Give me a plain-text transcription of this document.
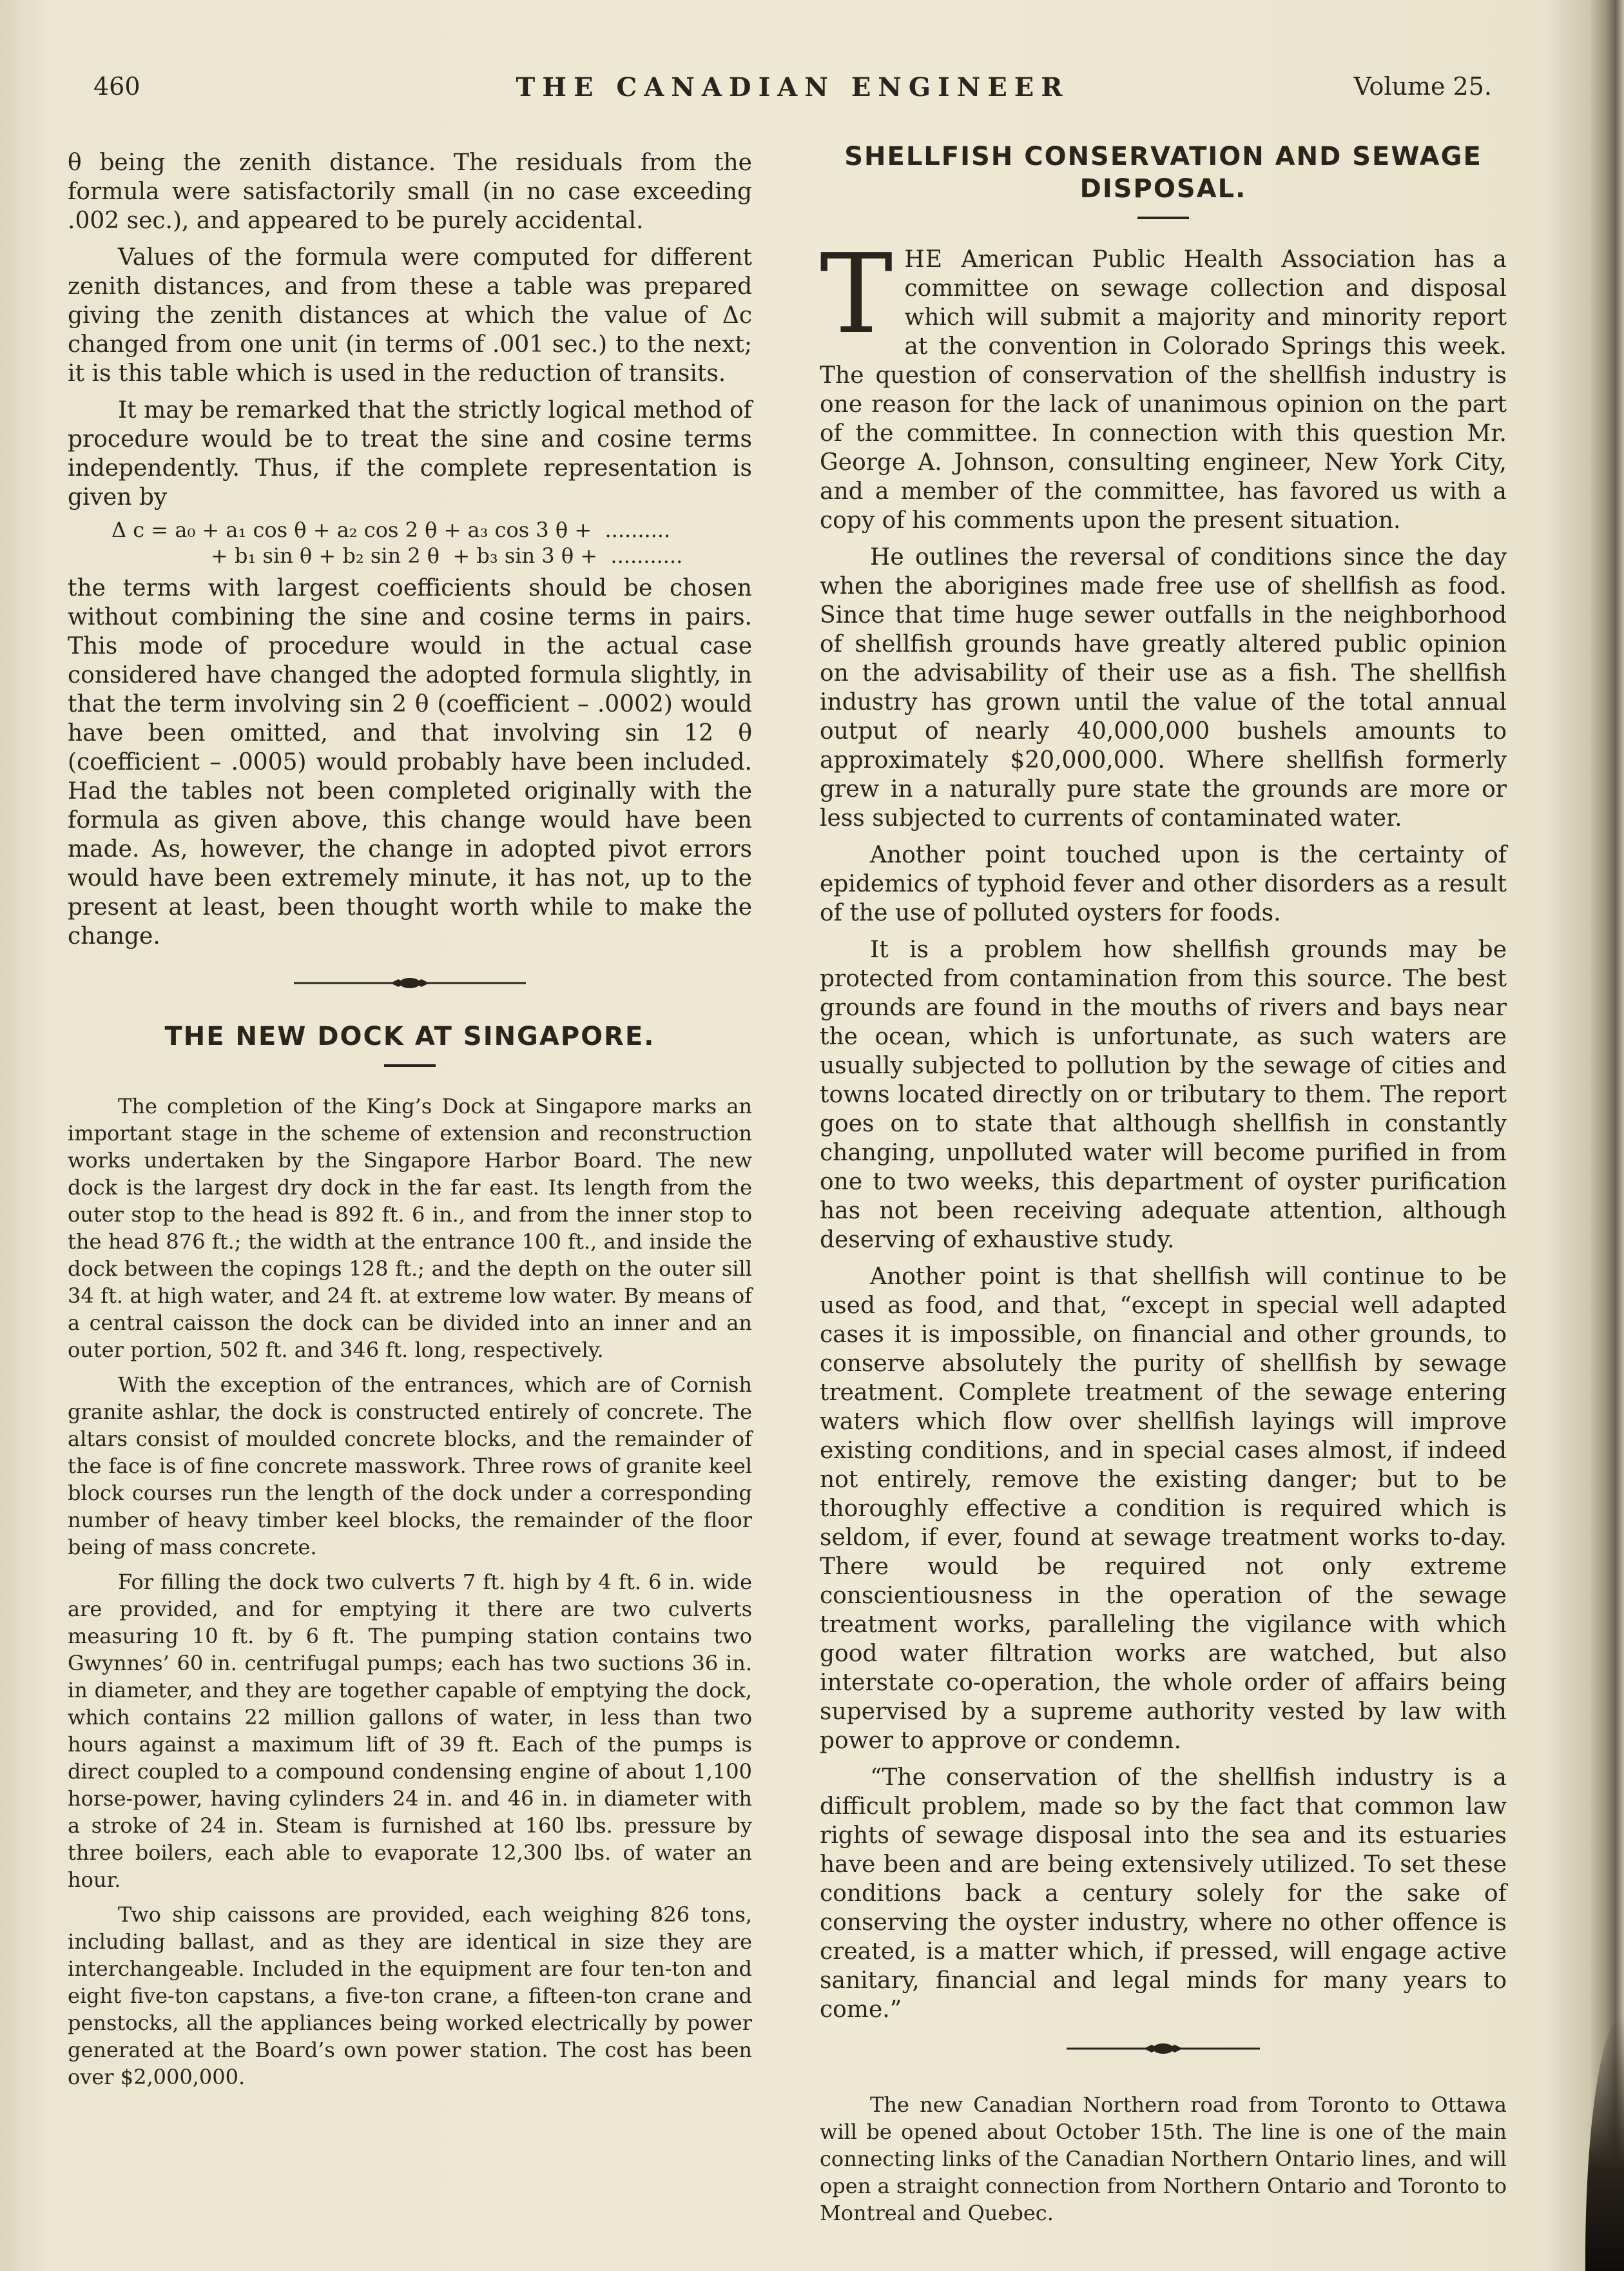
460	THE CANADIAN ENGINEER	Volume 25.

θ being the zenith distance. The residuals from the formula were satisfactorily small (in no case exceeding .002 sec.), and appeared to be purely accidental.

Values of the formula were computed for different zenith distances, and from these a table was prepared giving the zenith distances at which the value of Δc changed from one unit (in terms of .001 sec.) to the next; it is this table which is used in the reduction of transits.

It may be remarked that the strictly logical method of procedure would be to treat the sine and cosine terms independently. Thus, if the complete representation is given by

Δ c = a₀ + a₁ cos θ + a₂ cos 2 θ + a₃ cos 3 θ +  ..........
+ b₁ sin θ + b₂ sin 2 θ  + b₃ sin 3 θ +  ...........

the terms with largest coefficients should be chosen without combining the sine and cosine terms in pairs. This mode of procedure would in the actual case considered have changed the adopted formula slightly, in that the term involving sin 2 θ (coefficient – .0002) would have been omitted, and that involving sin 12 θ (coefficient – .0005) would probably have been included. Had the tables not been completed originally with the formula as given above, this change would have been made. As, however, the change in adopted pivot errors would have been extremely minute, it has not, up to the present at least, been thought worth while to make the change.

THE NEW DOCK AT SINGAPORE.

The completion of the King’s Dock at Singapore marks an important stage in the scheme of extension and reconstruction works undertaken by the Singapore Harbor Board. The new dock is the largest dry dock in the far east. Its length from the outer stop to the head is 892 ft. 6 in., and from the inner stop to the head 876 ft.; the width at the entrance 100 ft., and inside the dock between the copings 128 ft.; and the depth on the outer sill 34 ft. at high water, and 24 ft. at extreme low water. By means of a central caisson the dock can be divided into an inner and an outer portion, 502 ft. and 346 ft. long, respectively.

With the exception of the entrances, which are of Cornish granite ashlar, the dock is constructed entirely of concrete. The altars consist of moulded concrete blocks, and the remainder of the face is of fine concrete masswork. Three rows of granite keel block courses run the length of the dock under a corresponding number of heavy timber keel blocks, the remainder of the floor being of mass concrete.

For filling the dock two culverts 7 ft. high by 4 ft. 6 in. wide are provided, and for emptying it there are two culverts measuring 10 ft. by 6 ft. The pumping station contains two Gwynnes’ 60 in. centrifugal pumps; each has two suctions 36 in. in diameter, and they are together capable of emptying the dock, which contains 22 million gallons of water, in less than two hours against a maximum lift of 39 ft. Each of the pumps is direct coupled to a compound condensing engine of about 1,100 horse-power, having cylinders 24 in. and 46 in. in diameter with a stroke of 24 in. Steam is furnished at 160 lbs. pressure by three boilers, each able to evaporate 12,300 lbs. of water an hour.

Two ship caissons are provided, each weighing 826 tons, including ballast, and as they are identical in size they are interchangeable. Included in the equipment are four ten-ton and eight five-ton capstans, a five-ton crane, a fifteen-ton crane and penstocks, all the appliances being worked electrically by power generated at the Board’s own power station. The cost has been over $2,000,000.

SHELLFISH CONSERVATION AND SEWAGE DISPOSAL.

THE American Public Health Association has a committee on sewage collection and disposal which will submit a majority and minority report at the convention in Colorado Springs this week. The question of conservation of the shellfish industry is one reason for the lack of unanimous opinion on the part of the committee. In connection with this question Mr. George A. Johnson, consulting engineer, New York City, and a member of the committee, has favored us with a copy of his comments upon the present situation.

He outlines the reversal of conditions since the day when the aborigines made free use of shellfish as food. Since that time huge sewer outfalls in the neighborhood of shellfish grounds have greatly altered public opinion on the advisability of their use as a fish. The shellfish industry has grown until the value of the total annual output of nearly 40,000,000 bushels amounts to approximately $20,000,000. Where shellfish formerly grew in a naturally pure state the grounds are more or less subjected to currents of contaminated water.

Another point touched upon is the certainty of epidemics of typhoid fever and other disorders as a result of the use of polluted oysters for foods.

It is a problem how shellfish grounds may be protected from contamination from this source. The best grounds are found in the mouths of rivers and bays near the ocean, which is unfortunate, as such waters are usually subjected to pollution by the sewage of cities and towns located directly on or tributary to them. The report goes on to state that although shellfish in constantly changing, unpolluted water will become purified in from one to two weeks, this department of oyster purification has not been receiving adequate attention, although deserving of exhaustive study.

Another point is that shellfish will continue to be used as food, and that, “except in special well adapted cases it is impossible, on financial and other grounds, to conserve absolutely the purity of shellfish by sewage treatment. Complete treatment of the sewage entering waters which flow over shellfish layings will improve existing conditions, and in special cases almost, if indeed not entirely, remove the existing danger; but to be thoroughly effective a condition is required which is seldom, if ever, found at sewage treatment works to-day. There would be required not only extreme conscientiousness in the operation of the sewage treatment works, paralleling the vigilance with which good water filtration works are watched, but also interstate co-operation, the whole order of affairs being supervised by a supreme authority vested by law with power to approve or condemn.

“The conservation of the shellfish industry is a difficult problem, made so by the fact that common law rights of sewage disposal into the sea and its estuaries have been and are being extensively utilized. To set these conditions back a century solely for the sake of conserving the oyster industry, where no other offence is created, is a matter which, if pressed, will engage active sanitary, financial and legal minds for many years to come.”

The new Canadian Northern road from Toronto to Ottawa will be opened about October 15th. The line is one of the main connecting links of the Canadian Northern Ontario lines, and will open a straight connection from Northern Ontario and Toronto to Montreal and Quebec.
